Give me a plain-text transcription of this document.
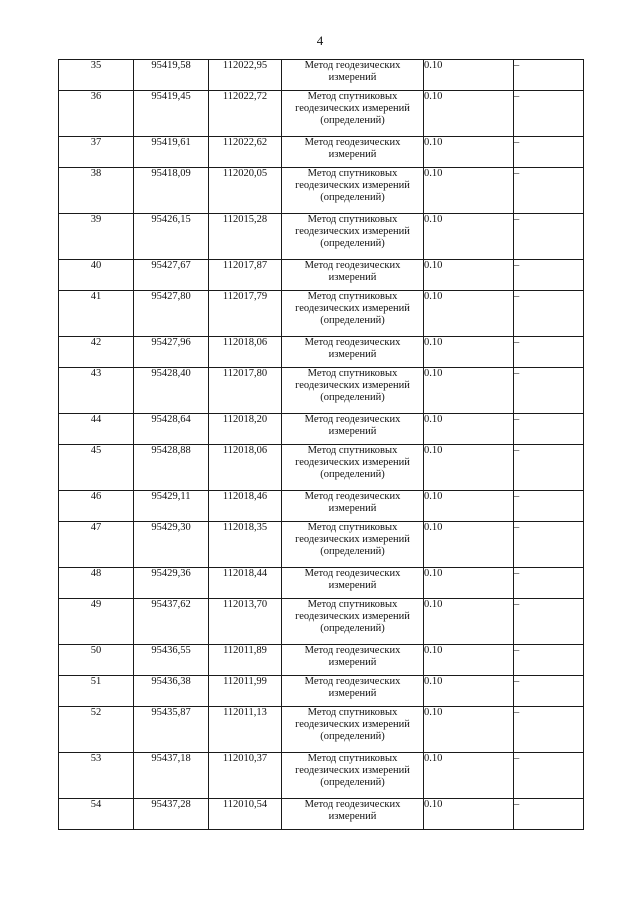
4
35	95419,58	112022,95	Метод геодезических измерений	0.10	–
36	95419,45	112022,72	Метод спутниковых геодезических измерений (определений)	0.10	–
37	95419,61	112022,62	Метод геодезических измерений	0.10	–
38	95418,09	112020,05	Метод спутниковых геодезических измерений (определений)	0.10	–
39	95426,15	112015,28	Метод спутниковых геодезических измерений (определений)	0.10	–
40	95427,67	112017,87	Метод геодезических измерений	0.10	–
41	95427,80	112017,79	Метод спутниковых геодезических измерений (определений)	0.10	–
42	95427,96	112018,06	Метод геодезических измерений	0.10	–
43	95428,40	112017,80	Метод спутниковых геодезических измерений (определений)	0.10	–
44	95428,64	112018,20	Метод геодезических измерений	0.10	–
45	95428,88	112018,06	Метод спутниковых геодезических измерений (определений)	0.10	–
46	95429,11	112018,46	Метод геодезических измерений	0.10	–
47	95429,30	112018,35	Метод спутниковых геодезических измерений (определений)	0.10	–
48	95429,36	112018,44	Метод геодезических измерений	0.10	–
49	95437,62	112013,70	Метод спутниковых геодезических измерений (определений)	0.10	–
50	95436,55	112011,89	Метод геодезических измерений	0.10	–
51	95436,38	112011,99	Метод геодезических измерений	0.10	–
52	95435,87	112011,13	Метод спутниковых геодезических измерений (определений)	0.10	–
53	95437,18	112010,37	Метод спутниковых геодезических измерений (определений)	0.10	–
54	95437,28	112010,54	Метод геодезических измерений	0.10	–
